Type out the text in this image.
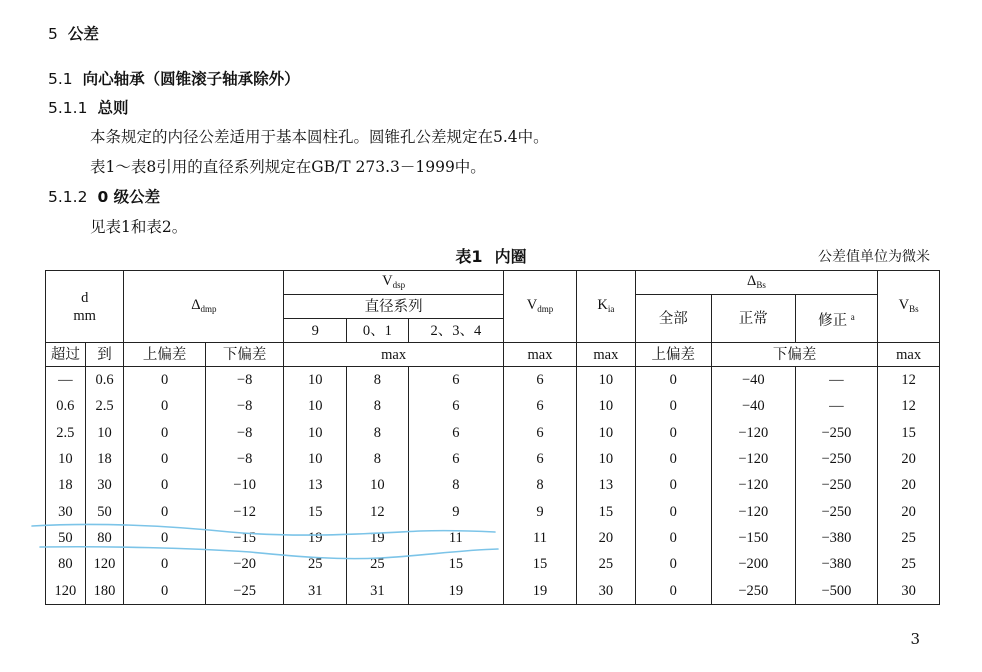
5 公差
5.1 向心轴承（圆锥滚子轴承除外）
5.1.1 总则
本条规定的内径公差适用于基本圆柱孔。圆锥孔公差规定在5.4中。
表1～表8引用的直径系列规定在GB/T 273.3－1999中。
5.1.2 0 级公差
见表1和表2。
表1 内圈	公差值单位为微米
d
mm		$\Delta_{dmp}$		$V_{dsp}$			$V_{dmp}$	$K_{ia}$	$\Delta_{Bs}$			$V_{Bs}$
				直径系列					全部	正常	修正 $^a$
				9	0、1	2、3、4						
超过	到	上偏差	下偏差	max			max	max	上偏差	下偏差		max
—	0.6	0	−8	10	8	6	6	10	0	−40	—	12
0.6	2.5	0	−8	10	8	6	6	10	0	−40	—	12
2.5	10	0	−8	10	8	6	6	10	0	−120	−250	15
10	18	0	−8	10	8	6	6	10	0	−120	−250	20
18	30	0	−10	13	10	8	8	13	0	−120	−250	20
30	50	0	−12	15	12	9	9	15	0	−120	−250	20
50	80	0	−15	19	19	11	11	20	0	−150	−380	25
80	120	0	−20	25	25	15	15	25	0	−200	−380	25
120	180	0	−25	31	31	19	19	30	0	−250	−500	30
3
